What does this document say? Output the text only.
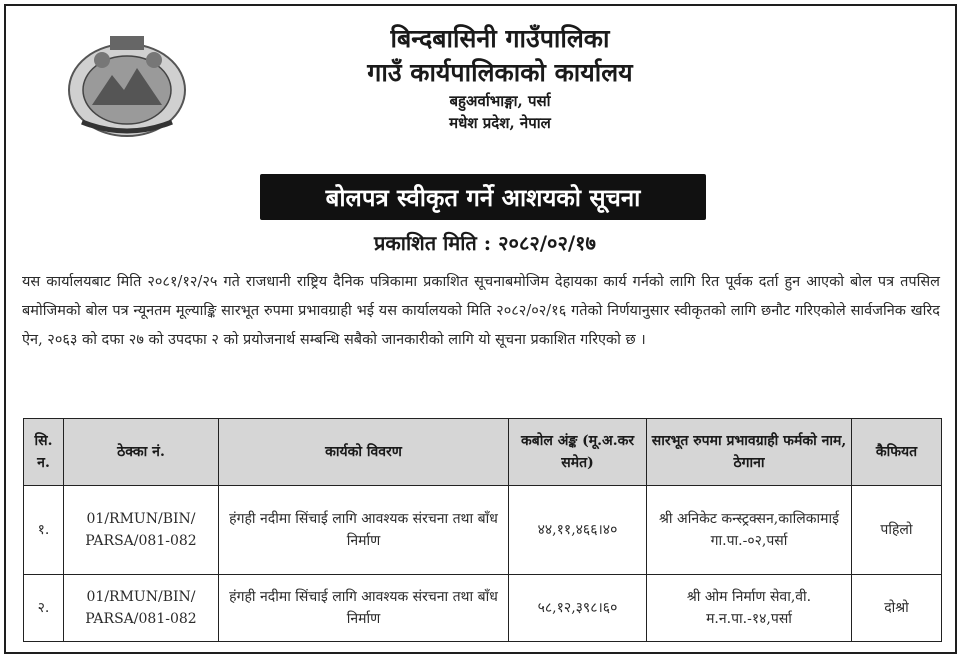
बिन्दबासिनी गाउँपालिका
गाउँ कार्यपालिकाको कार्यालय
बहुअर्वाभाङ्गा, पर्सा
मधेश प्रदेश, नेपाल
बोलपत्र स्वीकृत गर्ने आशयको सूचना
प्रकाशित मिति : २०८२/०२/१७
यस कार्यालयबाट मिति २०८१/१२/२५ गते राजधानी राष्ट्रिय दैनिक पत्रिकामा प्रकाशित सूचनाबमोजिम देहायका कार्य गर्नको लागि रित पूर्वक दर्ता हुन आएको बोल पत्र तपसिल बमोजिमको बोल पत्र न्यूनतम मूल्याङ्कि सारभूत रुपमा प्रभावग्राही भई यस कार्यालयको मिति २०८२/०२/१६ गतेको निर्णयानुसार स्वीकृतको लागि छनौट गरिएकोले सार्वजनिक खरिद ऐन, २०६३ को दफा २७ को उपदफा २ को प्रयोजनार्थ सम्बन्धि सबैको जानकारीको लागि यो सूचना प्रकाशित गरिएको छ ।
सि. न.	ठेक्का नं.	कार्यको विवरण	कबोल अंङ्क (मू.अ.कर समेत)	सारभूत रुपमा प्रभावग्राही फर्मको नाम, ठेगाना	कैफियत
१.	01/RMUN/BIN/ PARSA/081-082	हंगही नदीमा सिंचाई लागि आवश्यक संरचना तथा बाँध निर्माण	४४,११,४६६।४०	श्री अनिकेट कन्स्ट्रक्सन,कालिकामाई गा.पा.-०२,पर्सा	पहिलो
२.	01/RMUN/BIN/ PARSA/081-082	हंगही नदीमा सिंचाई लागि आवश्यक संरचना तथा बाँध निर्माण	५८,१२,३९८।६०	श्री ओम निर्माण सेवा,वी. म.न.पा.-१४,पर्सा	दोश्रो
